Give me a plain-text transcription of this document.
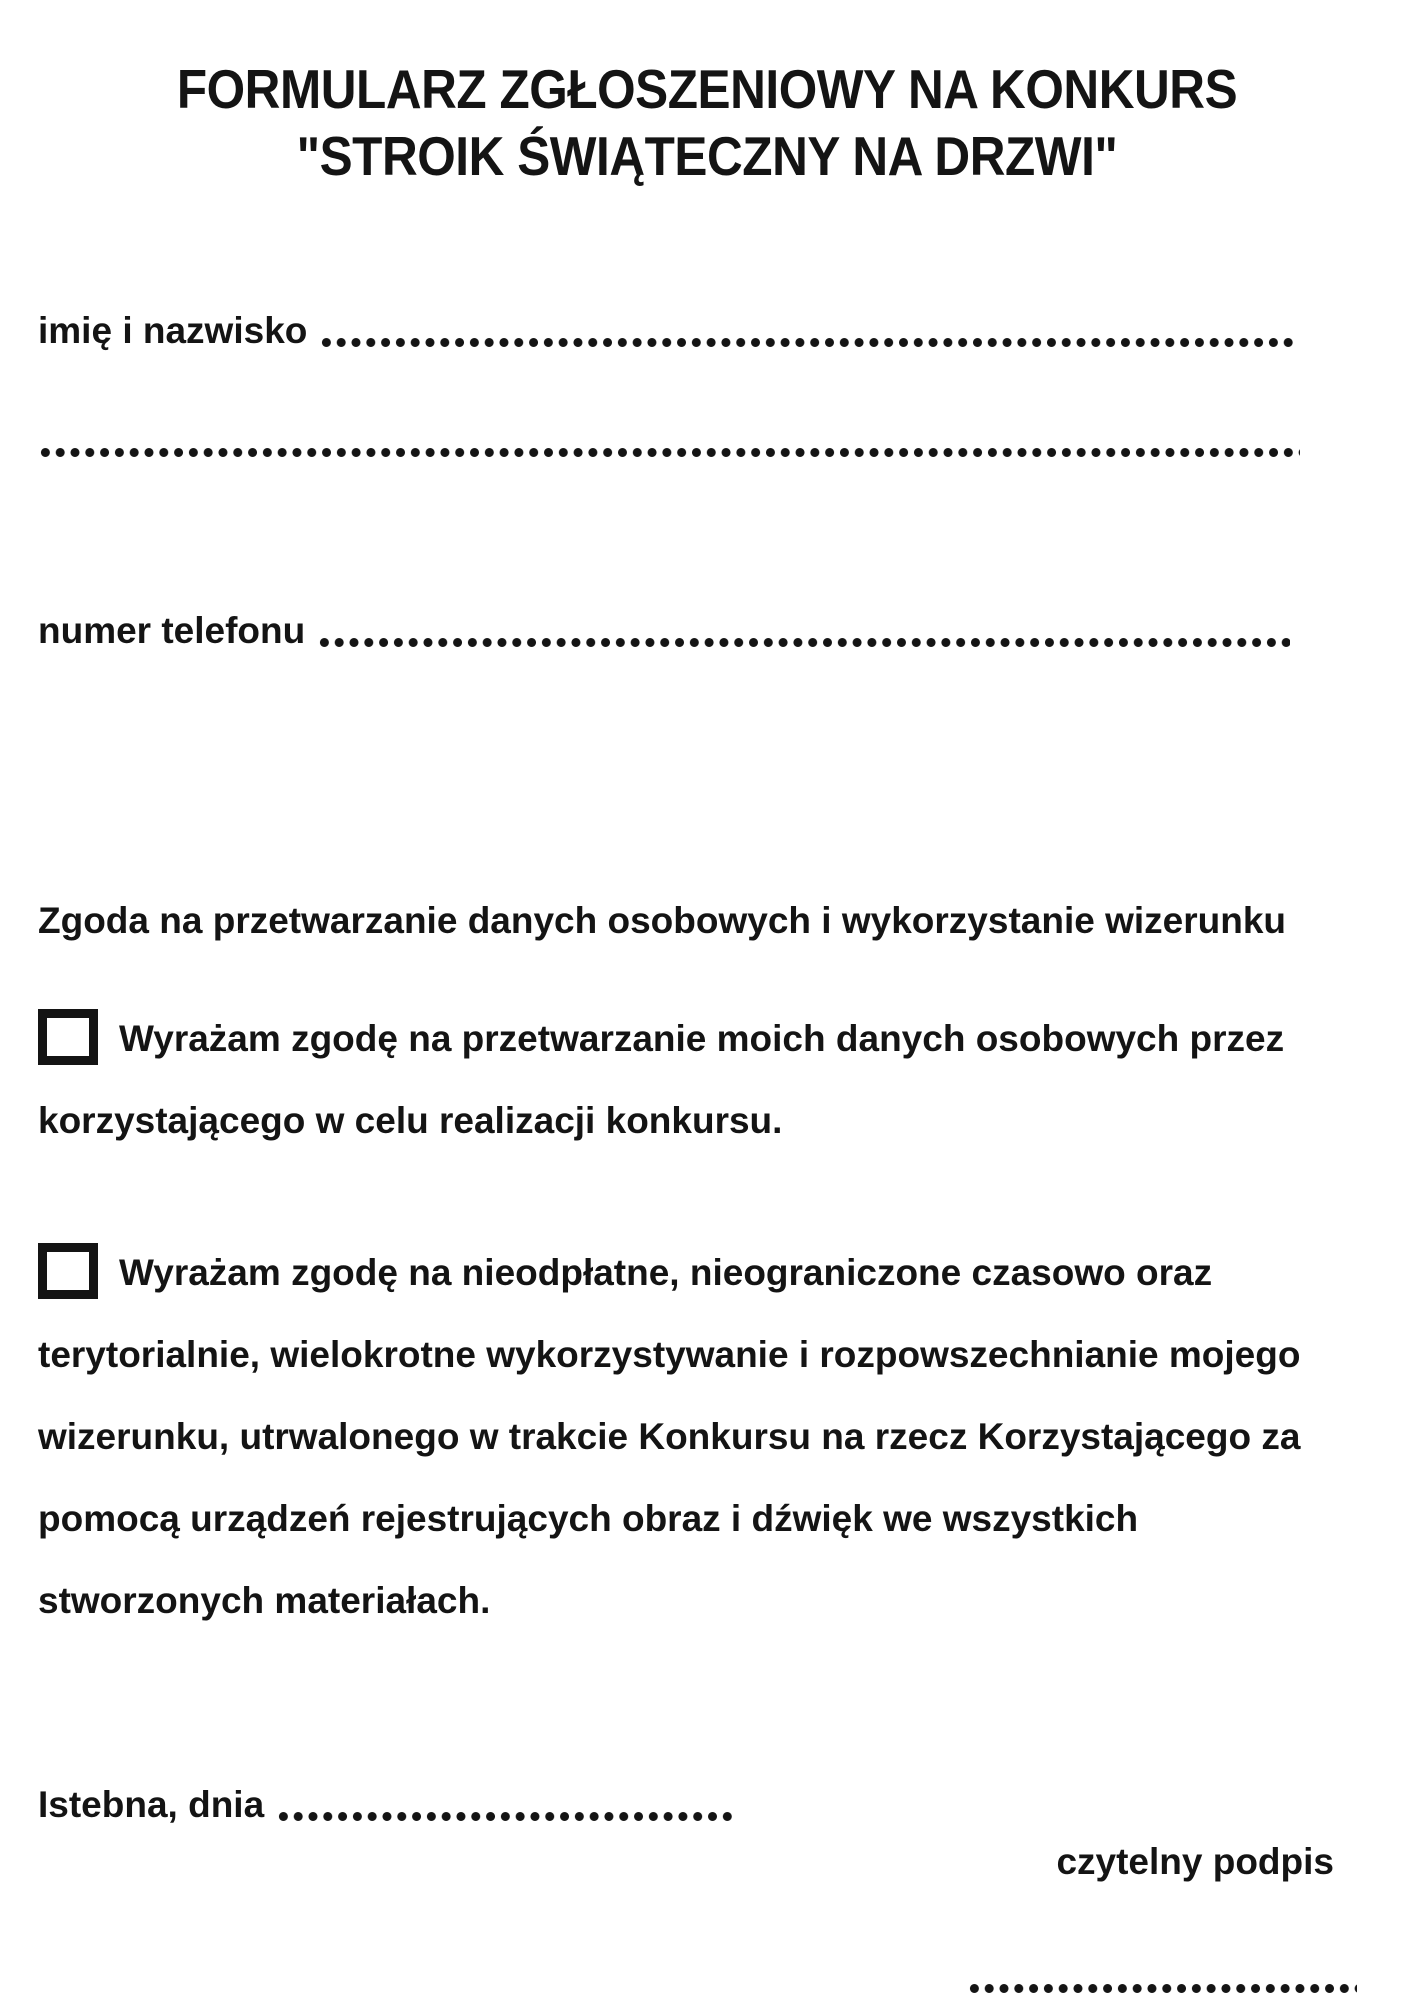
FORMULARZ ZGŁOSZENIOWY NA KONKURS
"STROIK ŚWIĄTECZNY NA DRZWI"
imię i nazwisko
numer telefonu
Zgoda na przetwarzanie danych osobowych i wykorzystanie wizerunku

Wyrażam zgodę na przetwarzanie moich danych osobowych przez korzystającego w celu realizacji konkursu.

Wyrażam zgodę na nieodpłatne, nieograniczone czasowo oraz terytorialnie, wielokrotne wykorzystywanie i rozpowszechnianie mojego wizerunku, utrwalonego w trakcie Konkursu na rzecz Korzystającego za pomocą urządzeń rejestrujących obraz i dźwięk we wszystkich stworzonych materiałach.

Istebna, dnia
czytelny podpis
